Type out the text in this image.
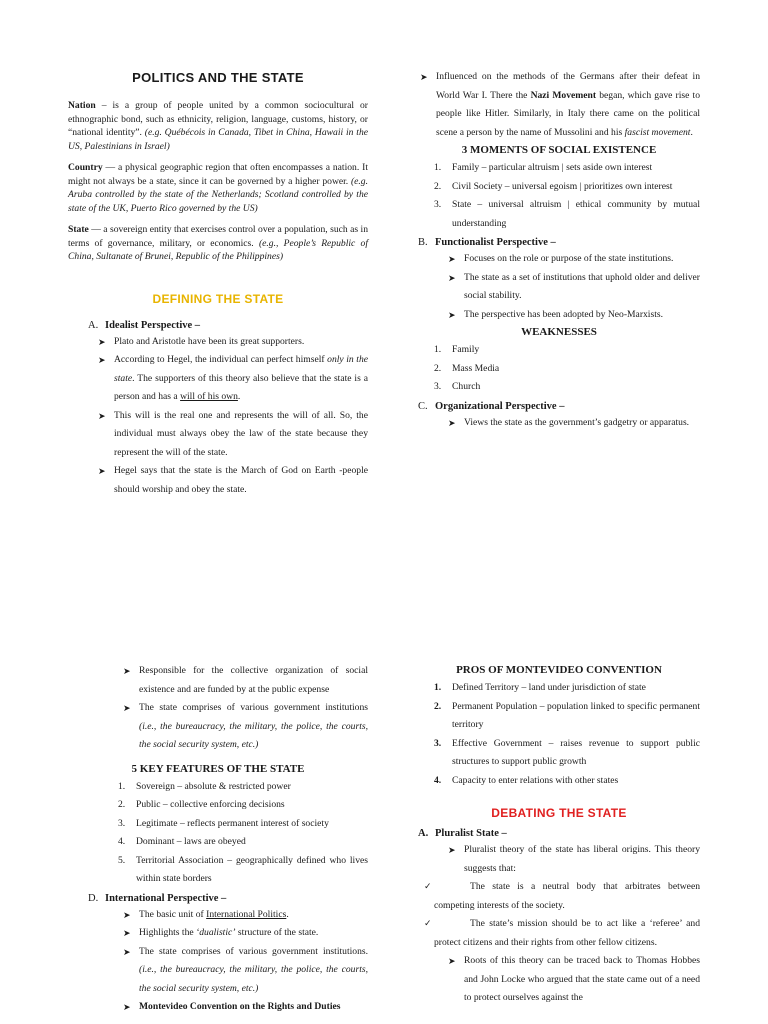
POLITICS AND THE STATE

Nation – is a group of people united by a common sociocultural or ethnographic bond, such as ethnicity, religion, language, customs, history, or “national identity”. (e.g. Québécois in Canada, Tibet in China, Hawaii in the US, Palestinians in Israel)

Country — a physical geographic region that often encompasses a nation. It might not always be a state, since it can be governed by a higher power. (e.g. Aruba controlled by the state of the Netherlands; Scotland controlled by the state of the UK, Puerto Rico governed by the US)

State — a sovereign entity that exercises control over a population, such as in terms of governance, military, or economics. (e.g., People’s Republic of China, Sultanate of Brunei, Republic of the Philippines)

DEFINING THE STATE
A. Idealist Perspective –
➤ Plato and Aristotle have been its great supporters.
➤ According to Hegel, the individual can perfect himself only in the state. The supporters of this theory also believe that the state is a person and has a will of his own.
➤ This will is the real one and represents the will of all. So, the individual must always obey the law of the state because they represent the will of the state.
➤ Hegel says that the state is the March of God on Earth -people should worship and obey the state.
➤ Influenced on the methods of the Germans after their defeat in World War I. There the Nazi Movement began, which gave rise to people like Hitler. Similarly, in Italy there came on the political scene a person by the name of Mussolini and his fascist movement.
3 MOMENTS OF SOCIAL EXISTENCE
1. Family – particular altruism | sets aside own interest
2. Civil Society – universal egoism | prioritizes own interest
3. State – universal altruism | ethical community by mutual understanding
B. Functionalist Perspective –
➤ Focuses on the role or purpose of the state institutions.
➤ The state as a set of institutions that uphold older and deliver social stability.
➤ The perspective has been adopted by Neo-Marxists.
WEAKNESSES
1. Family
2. Mass Media
3. Church
C. Organizational Perspective –
➤ Views the state as the government’s gadgetry or apparatus.
➤ Responsible for the collective organization of social existence and are funded by at the public expense
➤ The state comprises of various government institutions (i.e., the bureaucracy, the military, the police, the courts, the social security system, etc.)
5 KEY FEATURES OF THE STATE
1. Sovereign – absolute & restricted power
2. Public – collective enforcing decisions
3. Legitimate – reflects permanent interest of society
4. Dominant – laws are obeyed
5. Territorial Association – geographically defined who lives within state borders
D. International Perspective –
➤ The basic unit of International Politics.
➤ Highlights the ‘dualistic’ structure of the state.
➤ The state comprises of various government institutions. (i.e., the bureaucracy, the military, the police, the courts, the social security system, etc.)
➤ Montevideo Convention on the Rights and Duties
PROS OF MONTEVIDEO CONVENTION
1. Defined Territory – land under jurisdiction of state
2. Permanent Population – population linked to specific permanent territory
3. Effective Government – raises revenue to support public structures to support public growth
4. Capacity to enter relations with other states
DEBATING THE STATE
A. Pluralist State –
➤ Pluralist theory of the state has liberal origins. This theory suggests that:
✓	The state is a neutral body that arbitrates between competing interests of the society.
✓	The state’s mission should be to act like a ‘referee’ and protect citizens and their rights from other fellow citizens.
➤ Roots of this theory can be traced back to Thomas Hobbes and John Locke who argued that the state came out of a need to protect ourselves against the
